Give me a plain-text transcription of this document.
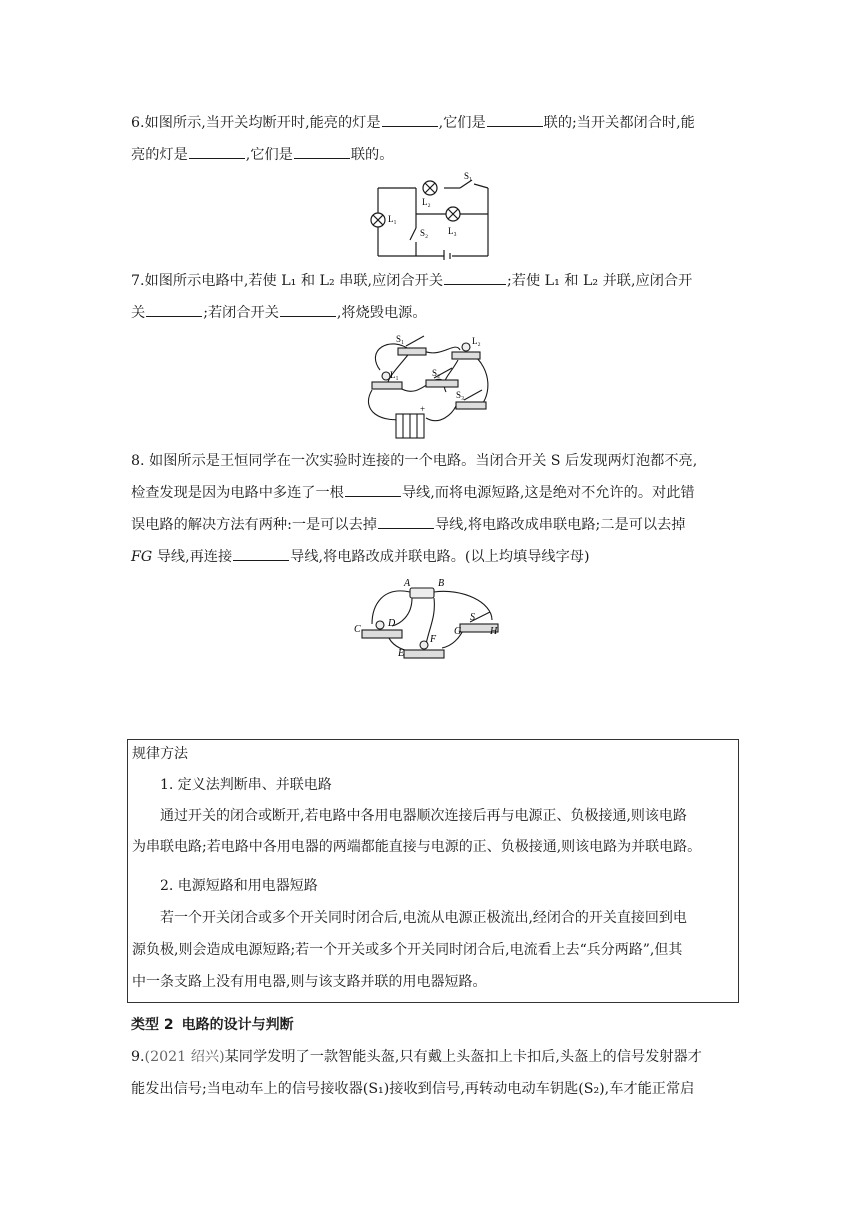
6.如图所示,当开关均断开时,能亮的灯是	,它们是	联的;当开关都闭合时,能

亮的灯是	,它们是	联的。

S₁
L₂
L₁
L₃
S₂

7.如图所示电路中,若使 L₁ 和 L₂ 串联,应闭合开关	;若使 L₁ 和 L₂ 并联,应闭合开

关	;若闭合开关	,将烧毁电源。

S₁	L₂
L₁	S₂
S₃
+

8. 如图所示是王恒同学在一次实验时连接的一个电路。当闭合开关 S 后发现两灯泡都不亮,

检查发现是因为电路中多连了一根	导线,而将电源短路,这是绝对不允许的。对此错

误电路的解决方法有两种:一是可以去掉	导线,将电路改成串联电路;二是可以去掉

FG 导线,再连接	导线,将电路改成并联电路。(以上均填导线字母)

A	B
C
D
E
F
G
S
H
规律方法
1. 定义法判断串、并联电路
通过开关的闭合或断开,若电路中各用电器顺次连接后再与电源正、负极接通,则该电路
为串联电路;若电路中各用电器的两端都能直接与电源的正、负极接通,则该电路为并联电路。
2. 电源短路和用电器短路
若一个开关闭合或多个开关同时闭合后,电流从电源正极流出,经闭合的开关直接回到电
源负极,则会造成电源短路;若一个开关或多个开关同时闭合后,电流看上去“兵分两路”,但其
中一条支路上没有用电器,则与该支路并联的用电器短路。
类型 2 电路的设计与判断

9.(2021 绍兴)某同学发明了一款智能头盔,只有戴上头盔扣上卡扣后,头盔上的信号发射器才

能发出信号;当电动车上的信号接收器(S₁)接收到信号,再转动电动车钥匙(S₂),车才能正常启
